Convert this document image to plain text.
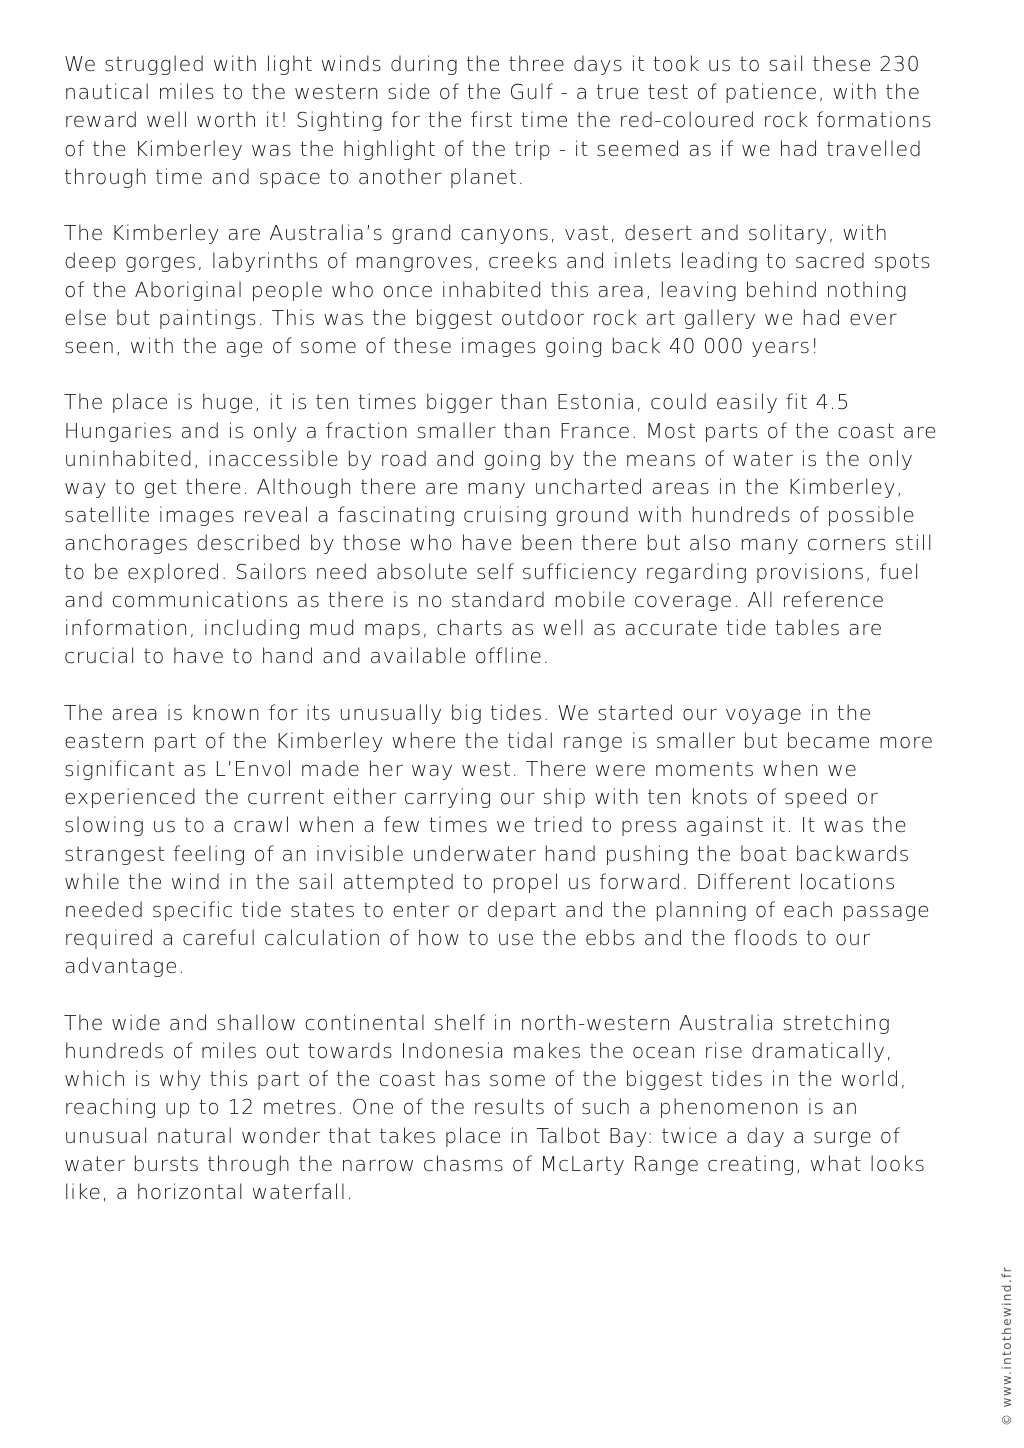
We struggled with light winds during the three days it took us to sail these 230 nautical miles to the western side of the Gulf - a true test of patience, with the reward well worth it! Sighting for the first time the red-coloured rock formations of the Kimberley was the highlight of the trip - it seemed as if we had travelled through time and space to another planet.

The Kimberley are Australia’s grand canyons, vast, desert and solitary, with deep gorges, labyrinths of mangroves, creeks and inlets leading to sacred spots of the Aboriginal people who once inhabited this area, leaving behind nothing else but paintings. This was the biggest outdoor rock art gallery we had ever seen, with the age of some of these images going back 40 000 years!

The place is huge, it is ten times bigger than Estonia, could easily fit 4.5 Hungaries and is only a fraction smaller than France. Most parts of the coast are uninhabited, inaccessible by road and going by the means of water is the only way to get there. Although there are many uncharted areas in the Kimberley, satellite images reveal a fascinating cruising ground with hundreds of possible anchorages described by those who have been there but also many corners still to be explored. Sailors need absolute self sufficiency regarding provisions, fuel and communications as there is no standard mobile coverage. All reference information, including mud maps, charts as well as accurate tide tables are crucial to have to hand and available offline.

The area is known for its unusually big tides. We started our voyage in the eastern part of the Kimberley where the tidal range is smaller but became more significant as L’Envol made her way west. There were moments when we experienced the current either carrying our ship with ten knots of speed or slowing us to a crawl when a few times we tried to press against it. It was the strangest feeling of an invisible underwater hand pushing the boat backwards while the wind in the sail attempted to propel us forward. Different locations needed specific tide states to enter or depart and the planning of each passage required a careful calculation of how to use the ebbs and the floods to our advantage.

The wide and shallow continental shelf in north-western Australia stretching hundreds of miles out towards Indonesia makes the ocean rise dramatically, which is why this part of the coast has some of the biggest tides in the world, reaching up to 12 metres. One of the results of such a phenomenon is an unusual natural wonder that takes place in Talbot Bay: twice a day a surge of water bursts through the narrow chasms of McLarty Range creating, what looks like, a horizontal waterfall.

© www.intothewind.fr
